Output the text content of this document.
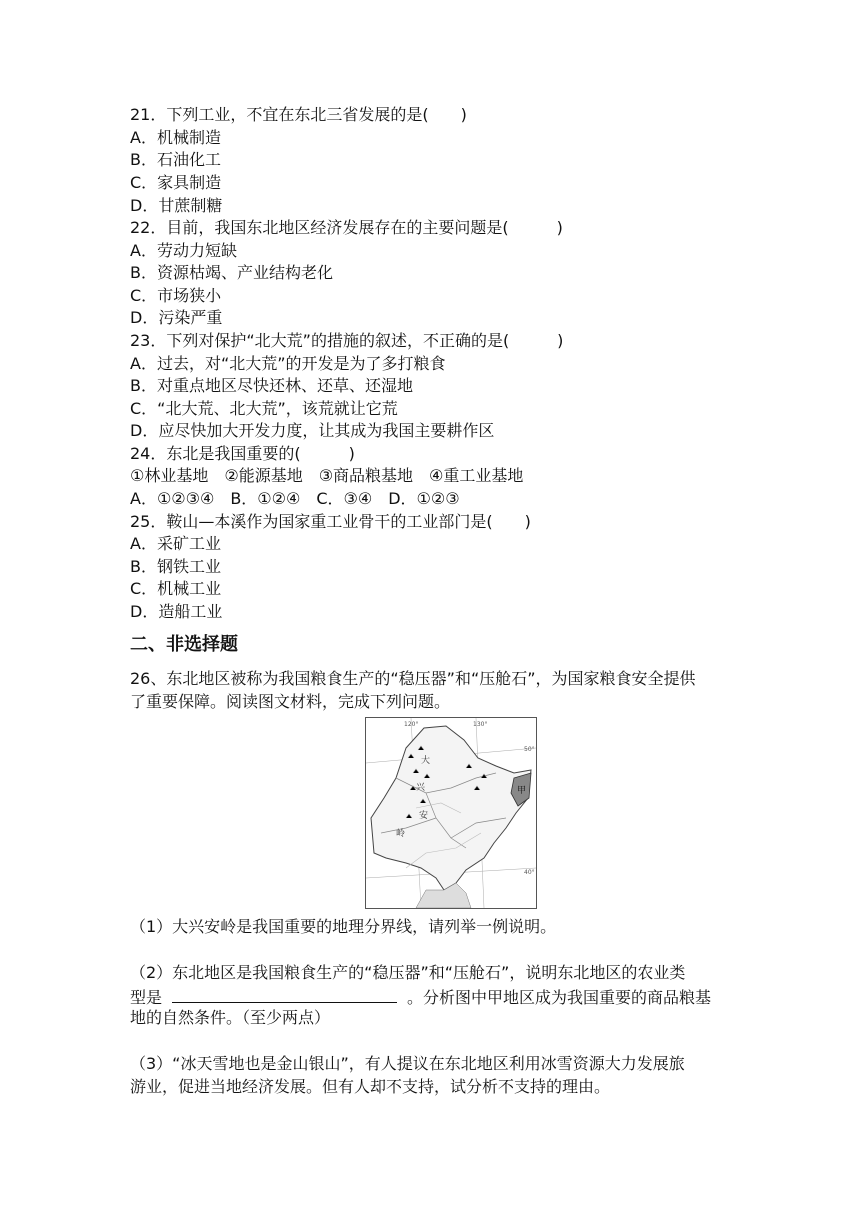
21．下列工业，不宜在东北三省发展的是(　　)
A．机械制造
B．石油化工
C．家具制造
D．甘蔗制糖
22．目前，我国东北地区经济发展存在的主要问题是(　　　)
A．劳动力短缺
B．资源枯竭、产业结构老化
C．市场狭小
D．污染严重
23．下列对保护“北大荒”的措施的叙述，不正确的是(　　　)
A．过去，对“北大荒”的开发是为了多打粮食
B．对重点地区尽快还林、还草、还湿地
C．“北大荒、北大荒”，该荒就让它荒
D．应尽快加大开发力度，让其成为我国主要耕作区
24．东北是我国重要的(　　　)
①林业基地　②能源基地　③商品粮基地　④重工业基地
A．①②③④　B．①②④　C．③④　D．①②③
25．鞍山—本溪作为国家重工业骨干的工业部门是(　　)
A．采矿工业
B．钢铁工业
C．机械工业
D．造船工业
二、非选择题
26、东北地区被称为我国粮食生产的“稳压器”和“压舱石”，为国家粮食安全提供
了重要保障。阅读图文材料，完成下列问题。
120°	130°
50°
40°
甲
大
兴
安
岭
（1）大兴安岭是我国重要的地理分界线，请列举一例说明。
（2）东北地区是我国粮食生产的“稳压器”和“压舱石”，说明东北地区的农业类
型是	。分析图中甲地区成为我国重要的商品粮基
地的自然条件。（至少两点）
（3）“冰天雪地也是金山银山”，有人提议在东北地区利用冰雪资源大力发展旅
游业，促进当地经济发展。但有人却不支持，试分析不支持的理由。
